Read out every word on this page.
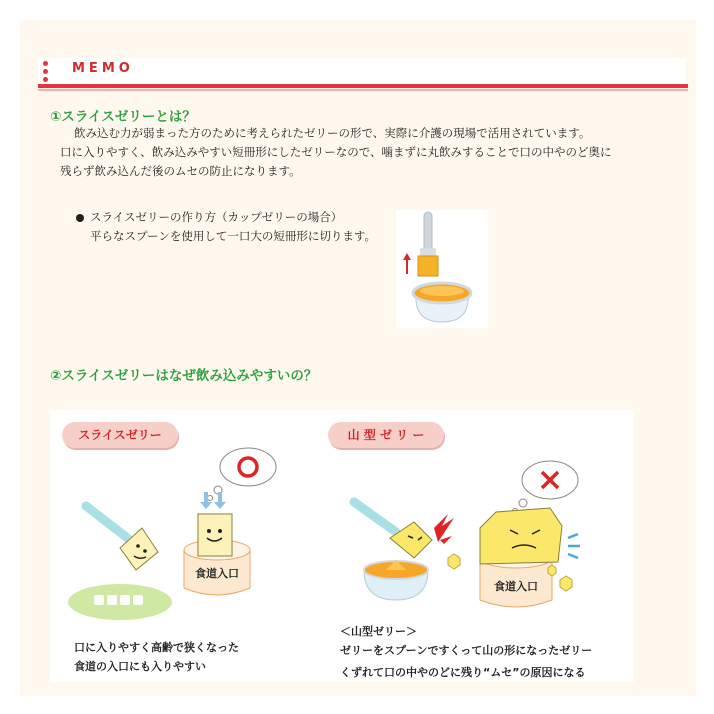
MEMO
①スライスゼリーとは？
飲み込む力が弱まった方のために考えられたゼリーの形で、実際に介護の現場で活用されています。
口に入りやすく、飲み込みやすい短冊形にしたゼリーなので、噛まずに丸飲みすることで口の中やのど奥に
残らず飲み込んだ後のムセの防止になります。
スライスゼリーの作り方（カップゼリーの場合）
平らなスプーンを使用して一口大の短冊形に切ります。
②スライスゼリーはなぜ飲み込みやすいの？
スライスゼリー	山 型 ゼ リ ー
食道入口
食道入口
口に入りやすく高齢で狭くなった
食道の入口にも入りやすい
＜山型ゼリー＞
ゼリーをスプーンですくって山の形になったゼリー
くずれて口の中やのどに残り“ムセ”の原因になる
